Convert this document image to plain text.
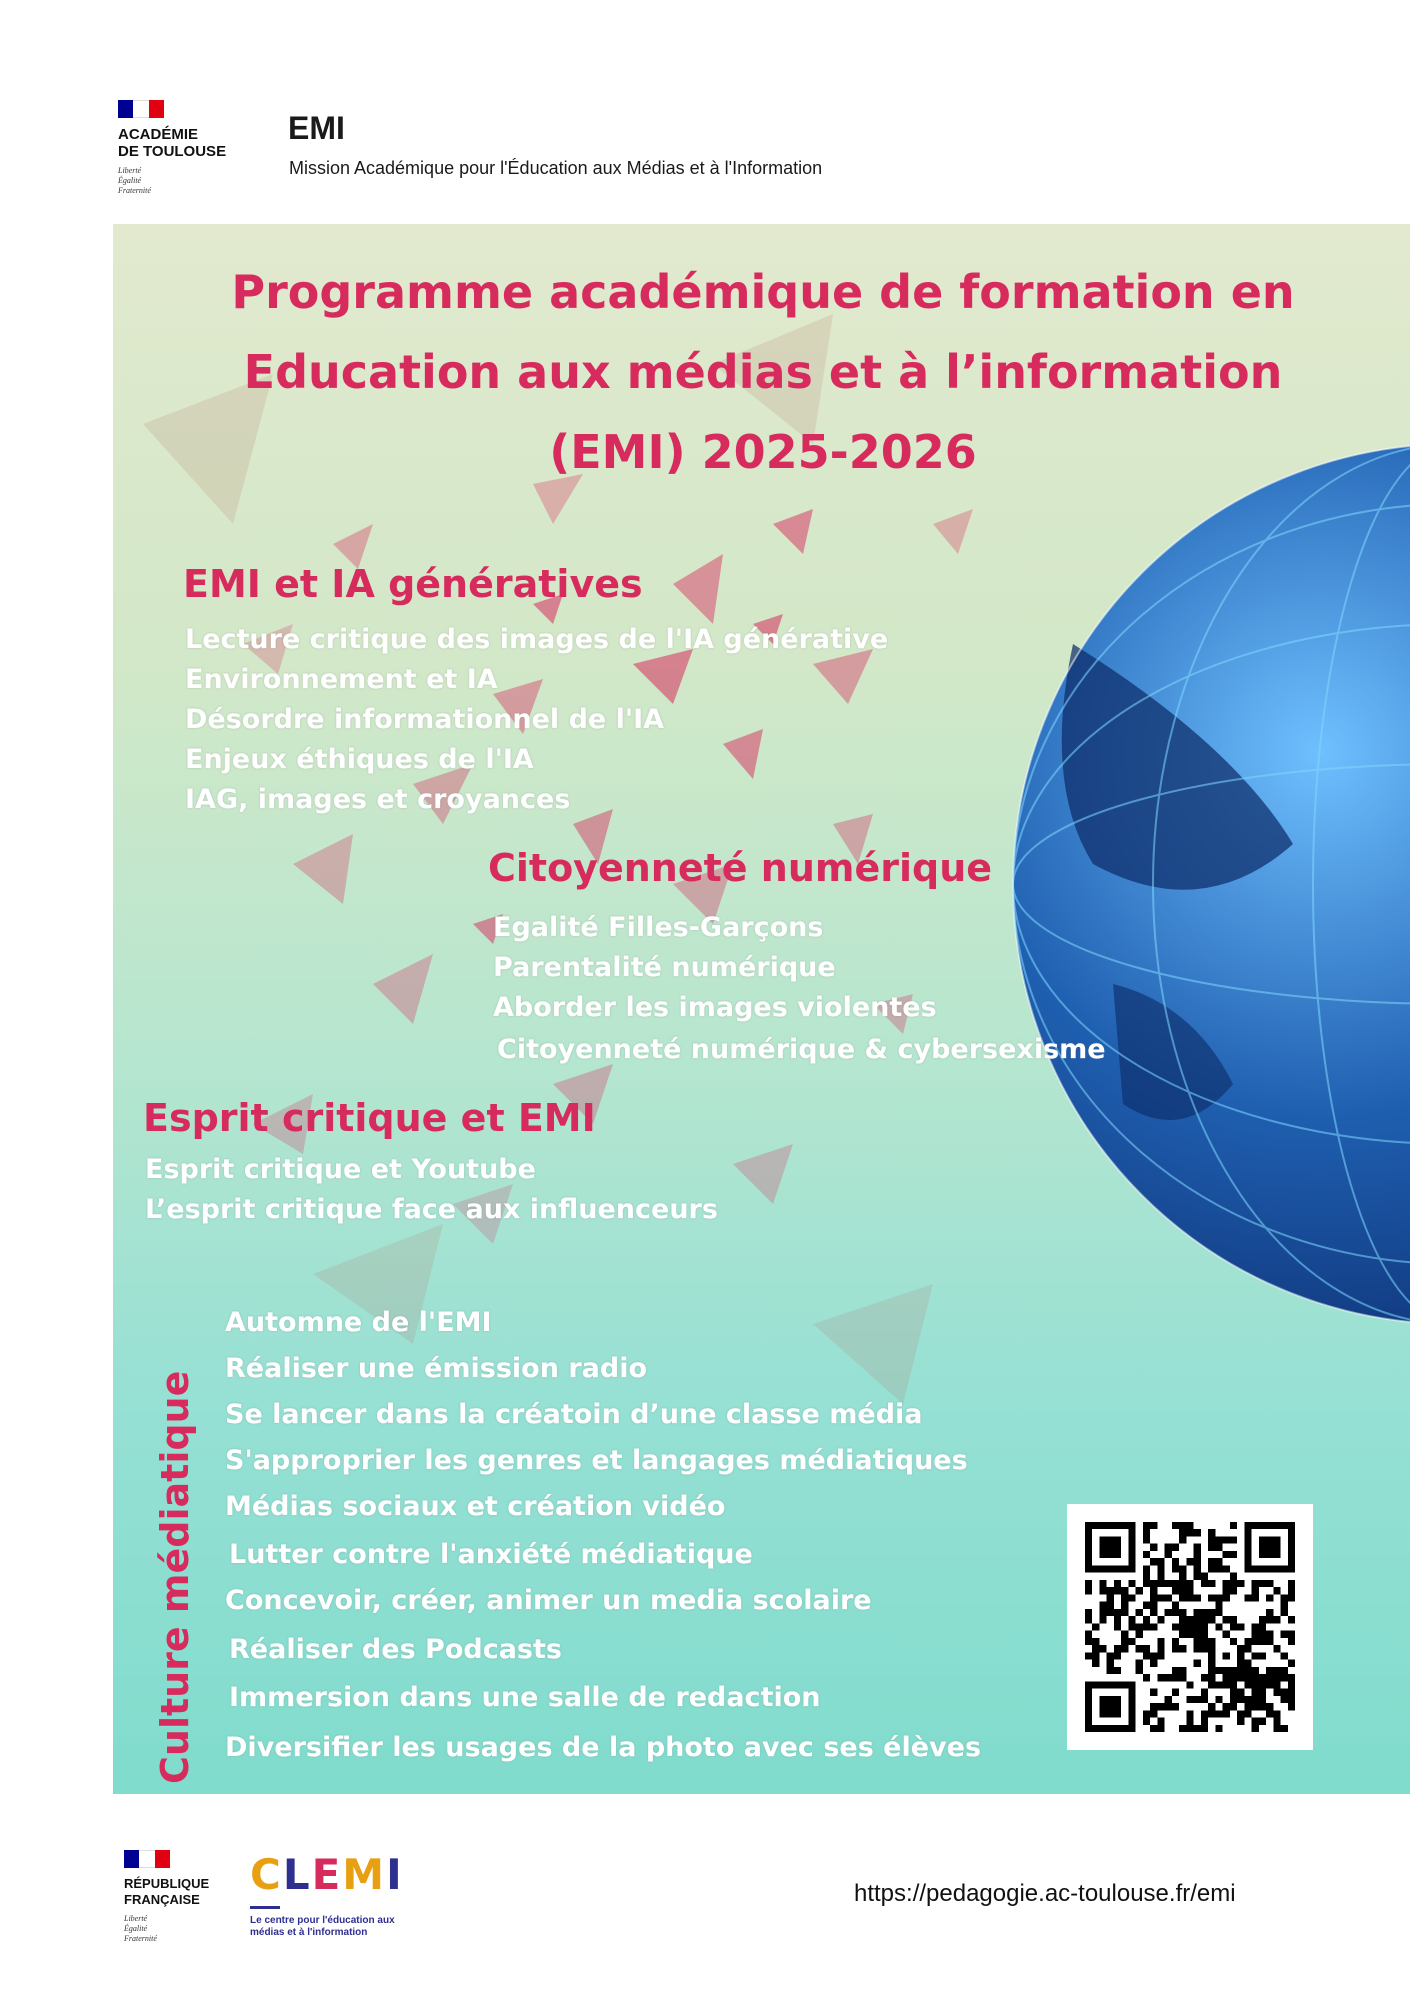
ACADÉMIE
DE TOULOUSE
Liberté
Égalité
Fraternité
EMI
Mission Académique pour l'Éducation aux Médias et à l'Information
Programme académique de formation en
Education aux médias et à l’information
(EMI) 2025-2026
EMI et IA génératives
Lecture critique des images de l'IA générative
Environnement et IA
Désordre informationnel de l'IA
Enjeux éthiques de l'IA
IAG, images et croyances
Citoyenneté numérique
Egalité Filles-Garçons
Parentalité numérique
Aborder les images violentes
Citoyenneté numérique & cybersexisme
Esprit critique et EMI
Esprit critique et Youtube
L’esprit critique face aux influenceurs
Culture médiatique
Automne de l'EMI
Réaliser une émission radio
Se lancer dans la créatoin d’une classe média
S'approprier les genres et langages médiatiques
Médias sociaux et création vidéo
Lutter contre l'anxiété médiatique
Concevoir, créer, animer un media scolaire
Réaliser des Podcasts
Immersion dans une salle de redaction
Diversifier les usages de la photo avec ses élèves
RÉPUBLIQUE
FRANÇAISE
Liberté
Égalité
Fraternité
CLEMI
Le centre pour l'éducation aux médias et à l'information
https://pedagogie.ac-toulouse.fr/emi
